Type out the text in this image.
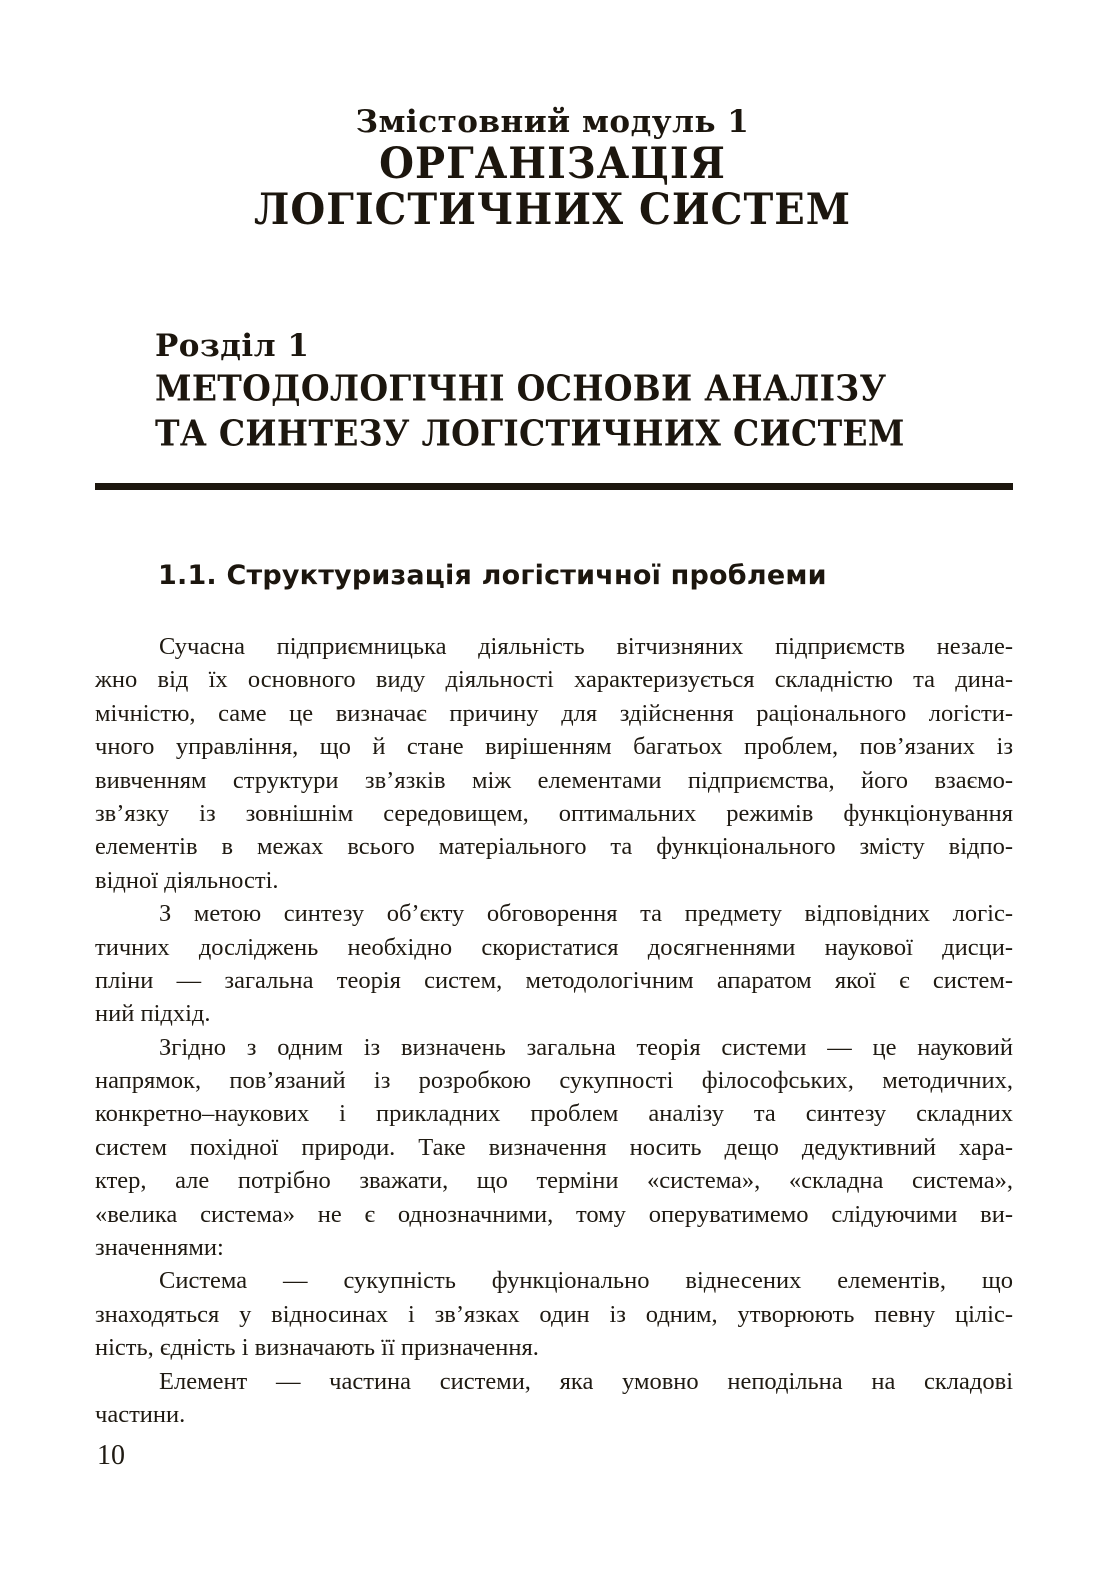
Змістовний модуль 1
ОРГАНІЗАЦІЯ
ЛОГІСТИЧНИХ СИСТЕМ
Розділ 1
МЕТОДОЛОГІЧНІ ОСНОВИ АНАЛІЗУ
ТА СИНТЕЗУ ЛОГІСТИЧНИХ СИСТЕМ
1.1. Структуризація логістичної проблеми
Сучасна підприємницька діяльність вітчизняних підприємств незале-
жно від їх основного виду діяльності характеризується складністю та дина-
мічністю, саме це визначає причину для здійснення раціонального логісти-
чного управління, що й стане вирішенням багатьох проблем, пов’язаних із
вивченням структури зв’язків між елементами підприємства, його взаємо-
зв’язку із зовнішнім середовищем, оптимальних режимів функціонування
елементів в межах всього матеріального та функціонального змісту відпо-
відної діяльності.
З метою синтезу об’єкту обговорення та предмету відповідних логіс-
тичних досліджень необхідно скористатися досягненнями наукової дисци-
пліни — загальна теорія систем, методологічним апаратом якої є систем-
ний підхід.
Згідно з одним із визначень загальна теорія системи — це науковий
напрямок, пов’язаний із розробкою сукупності філософських, методичних,
конкретно–наукових і прикладних проблем аналізу та синтезу складних
систем похідної природи. Таке визначення носить дещо дедуктивний хара-
ктер, але потрібно зважати, що терміни «система», «складна система»,
«велика система» не є однозначними, тому оперуватимемо слідуючими ви-
значеннями:
Система — сукупність функціонально віднесених елементів, що
знаходяться у відносинах і зв’язках один із одним, утворюють певну ціліс-
ність, єдність і визначають її призначення.
Елемент — частина системи, яка умовно неподільна на складові
частини.
10
